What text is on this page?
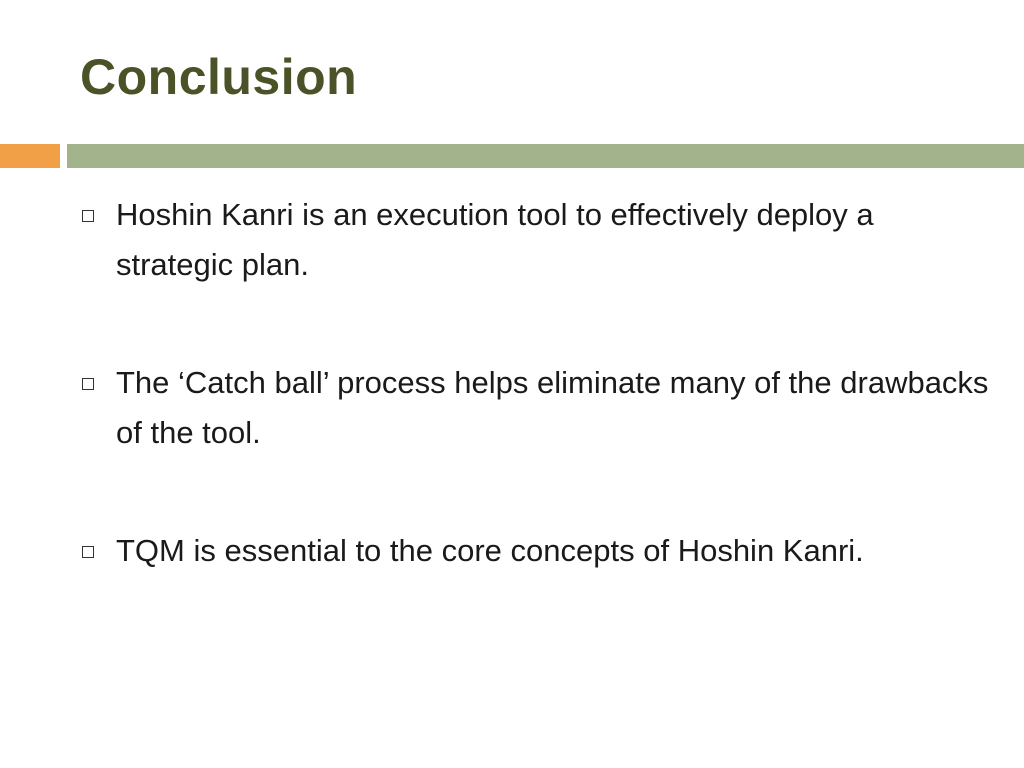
Conclusion
Hoshin Kanri is an execution tool to effectively deploy a strategic plan.
The ‘Catch ball’ process helps eliminate many of the drawbacks of the tool.
TQM is essential to the core concepts of Hoshin Kanri.
